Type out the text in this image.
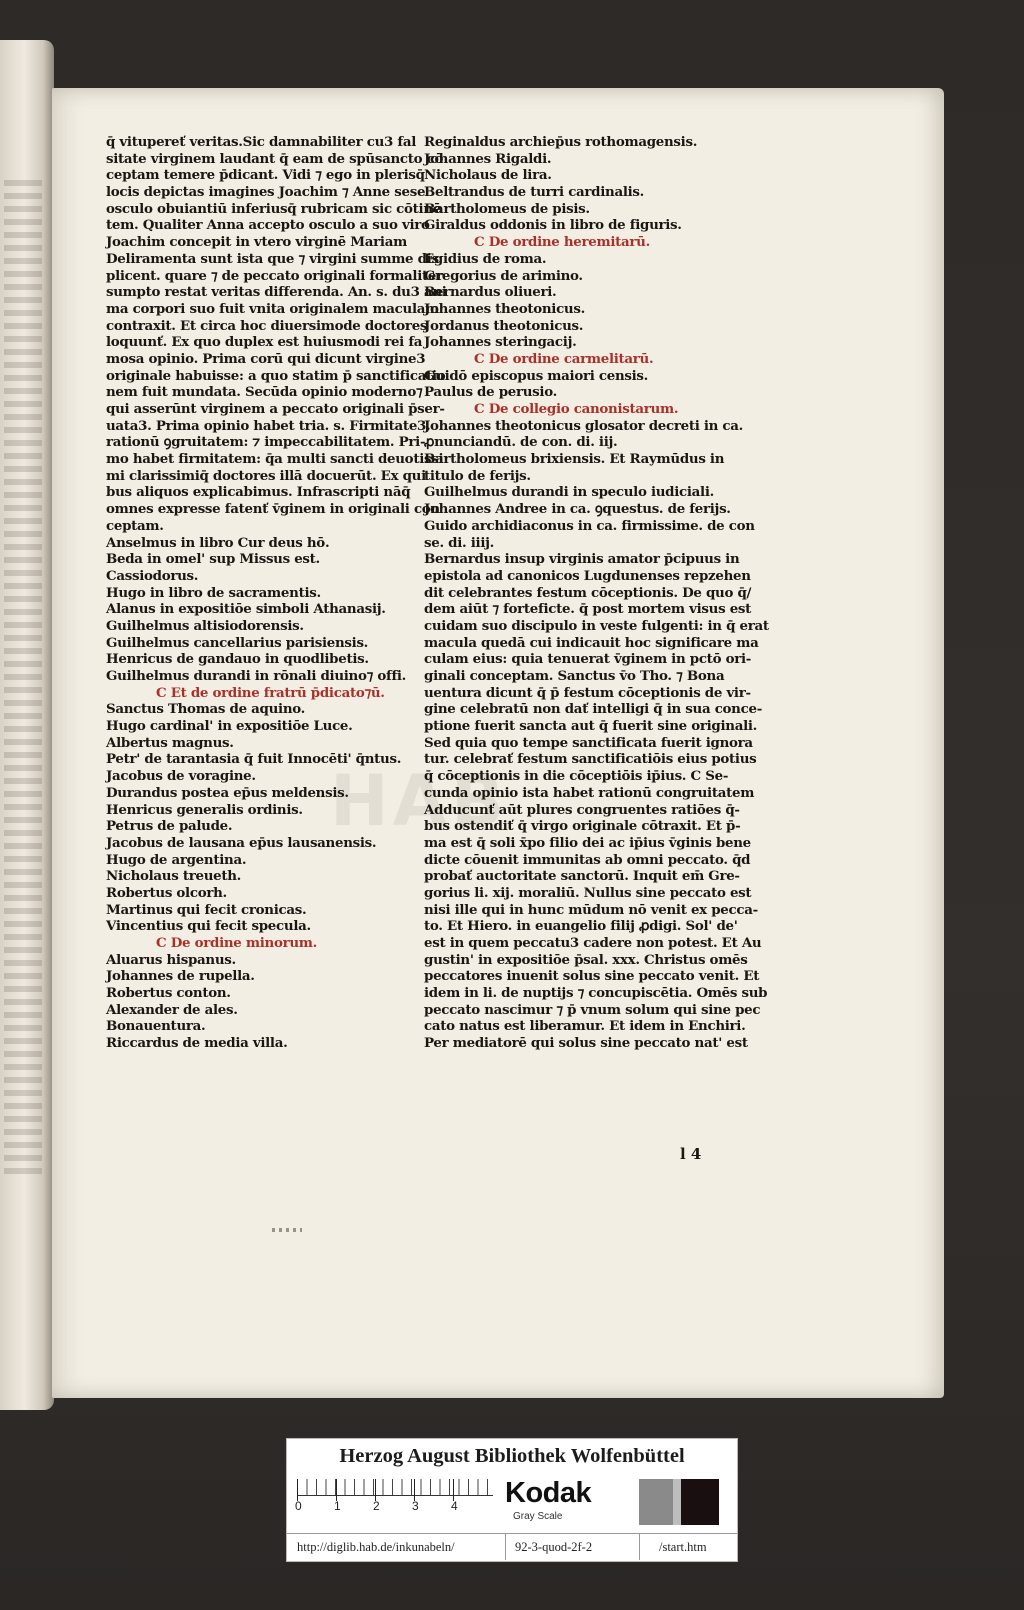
HAB
q̄ vitupereť veritas.Sic damnabiliter cu3 fal
sitate virginem laudant q̄ eam de spūsancto cō
ceptam temere p̄dicant. Vidi ⁊ ego in plerisq̄
locis depictas imagines Joachim ⁊ Anne sese
osculo obuiantiū inferiusq̄ rubricam sic cōtinē
tem. Qualiter Anna accepto osculo a suo viro
Joachim concepit in vtero virginē Mariam
Deliramenta sunt ista que ⁊ virgini summe dis
plicent. quare ⁊ de peccato originali formaliter
sumpto restat veritas differenda. An. s. du3 ani
ma corpori suo fuit vnita originalem maculam
contraxit. Et circa hoc diuersimode doctores
loquunť. Ex quo duplex est huiusmodi rei fa
mosa opinio. Prima corū qui dicunt virgine3
originale habuisse: a quo statim p̄ sanctificatio
nem fuit mundata. Secūda opinio moderno⁊
qui asserūnt virginem a peccato originali p̄ser-
uata3. Prima opinio habet tria. s. Firmitate3.
rationū ꝯgruitatem: ⁊ impeccabilitatem. Pri-
mo habet firmitatem: q̄a multi sancti deuotissi
mi clarissimiq̄ doctores illā docuerūt. Ex qui
bus aliquos explicabimus. Infrascripti nāq̄
omnes expresse fatenť v̄ginem in originali con
ceptam.
Anselmus in libro Cur deus hō.
Beda in omel' sup Missus est.
Cassiodorus.
Hugo in libro de sacramentis.
Alanus in expositiōe simboli Athanasij.
Guilhelmus altisiodorensis.
Guilhelmus cancellarius parisiensis.
Henricus de gandauo in quodlibetis.
Guilhelmus durandi in rōnali diuino⁊ offi.
C Et de ordine fratrū p̄dicato⁊ū.
Sanctus Thomas de aquino.
Hugo cardinal' in expositiōe Luce.
Albertus magnus.
Petr' de tarantasia q̄ fuit Innocēti' q̄ntus.
Jacobus de voragine.
Durandus postea ep̄us meldensis.
Henricus generalis ordinis.
Petrus de palude.
Jacobus de lausana ep̄us lausanensis.
Hugo de argentina.
Nicholaus treueth.
Robertus olcorh.
Martinus qui fecit cronicas.
Vincentius qui fecit specula.
C De ordine minorum.
Aluarus hispanus.
Johannes de rupella.
Robertus conton.
Alexander de ales.
Bonauentura.
Riccardus de media villa.
Reginaldus archiep̄us rothomagensis.
Johannes Rigaldi.
Nicholaus de lira.
Beltrandus de turri cardinalis.
Bartholomeus de pisis.
Giraldus oddonis in libro de figuris.
C De ordine heremitarū.
Egidius de roma.
Gregorius de arimino.
Bernardus oliueri.
Johannes theotonicus.
Jordanus theotonicus.
Johannes steringacij.
C De ordine carmelitarū.
Guidō episcopus maiori censis.
Paulus de perusio.
C De collegio canonistarum.
Johannes theotonicus glosator decreti in ca.
ꝓnunciandū. de con. di. iij.
Bartholomeus brixiensis. Et Raymūdus in
titulo de ferijs.
Guilhelmus durandi in speculo iudiciali.
Johannes Andree in ca. ꝯquestus. de ferijs.
Guido archidiaconus in ca. firmissime. de con
se. di. iiij.
Bernardus insup virginis amator p̄cipuus in
epistola ad canonicos Lugdunenses repzehen
dit celebrantes festum cōceptionis. De quo q̄/
dem aiūt ⁊ forteficte. q̄ post mortem visus est
cuidam suo discipulo in veste fulgenti: in q̄ erat
macula quedā cui indicauit hoc significare ma
culam eius: quia tenuerat v̄ginem in pctō ori-
ginali conceptam. Sanctus v̄o Tho. ⁊ Bona
uentura dicunt q̄ p̄ festum cōceptionis de vir-
gine celebratū non dať intelligi q̄ in sua conce-
ptione fuerit sancta aut q̄ fuerit sine originali.
Sed quia quo tempe sanctificata fuerit ignora
tur. celebrať festum sanctificatiōis eius potius
q̄ cōceptionis in die cōceptiōis ip̄ius. C Se-
cunda opinio ista habet rationū congruitatem
Adducunť aūt plures congruentes ratiōes q̄-
bus ostendiť q̄ virgo originale cōtraxit. Et p̄-
ma est q̄ soli x̄po filio dei ac ip̄ius v̄ginis bene
dicte cōuenit immunitas ab omni peccato. q̄d
probať auctoritate sanctorū. Inquit em̄ Gre-
gorius li. xij. moraliū. Nullus sine peccato est
nisi ille qui in hunc mūdum nō venit ex pecca-
to. Et Hiero. in euangelio filij ꝓdigi. Sol' de'
est in quem peccatu3 cadere non potest. Et Au
gustin' in expositiōe p̄sal. xxx. Christus omēs
peccatores inuenit solus sine peccato venit. Et
idem in li. de nuptijs ⁊ concupiscētia. Omēs sub
peccato nascimur ⁊ p̄ vnum solum qui sine pec
cato natus est liberamur. Et idem in Enchiri.
Per mediatorē qui solus sine peccato nat' est
l 4
Herzog August Bibliothek Wolfenbüttel
0	1	2	3	4 Kodak
Gray Scale
http://diglib.hab.de/inkunabeln/	92-3-quod-2f-2	/start.htm
